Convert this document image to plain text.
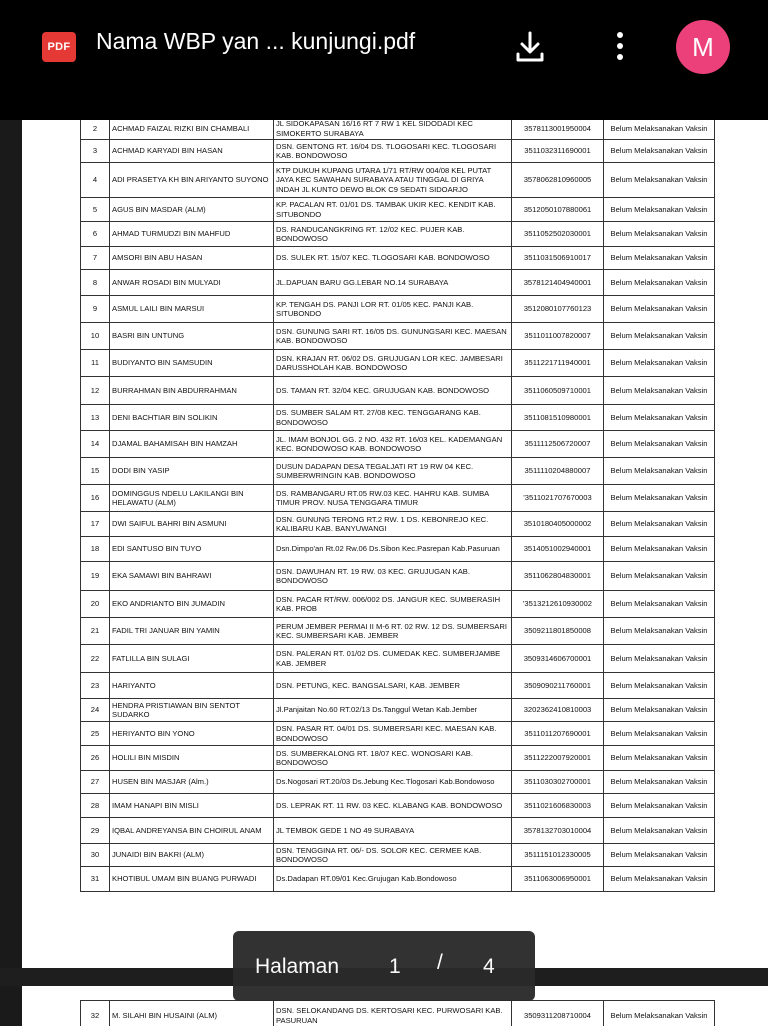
PDF Nama WBP yan ... kunjungi.pdf	M
2	ACHMAD FAIZAL RIZKI BIN CHAMBALI	JL SIDOKAPASAN 16/16 RT 7 RW 1 KEL SIDODADI KEC SIMOKERTO SURABAYA	3578113001950004	Belum Melaksanakan Vaksin
3	ACHMAD KARYADI BIN HASAN	DSN. GENTONG RT. 16/04 DS. TLOGOSARI KEC. TLOGOSARI KAB. BONDOWOSO	3511032311690001	Belum Melaksanakan Vaksin
4	ADI PRASETYA KH BIN ARIYANTO SUYONO	KTP DUKUH KUPANG UTARA 1/71 RT/RW 004/08 KEL PUTAT JAYA KEC SAWAHAN SURABAYA ATAU TINGGAL DI GRIYA INDAH JL KUNTO DEWO BLOK C9 SEDATI SIDOARJO	3578062810960005	Belum Melaksanakan Vaksin
5	AGUS BIN MASDAR (ALM)	KP. PACALAN RT. 01/01 DS. TAMBAK UKIR KEC. KENDIT KAB. SITUBONDO	3512050107880061	Belum Melaksanakan Vaksin
6	AHMAD TURMUDZI BIN MAHFUD	DS. RANDUCANGKRING RT. 12/02 KEC. PUJER KAB. BONDOWOSO	3511052502030001	Belum Melaksanakan Vaksin
7	AMSORI BIN ABU HASAN	DS. SULEK RT. 15/07 KEC. TLOGOSARI KAB. BONDOWOSO	3511031506910017	Belum Melaksanakan Vaksin
8	ANWAR ROSADI BIN MULYADI	JL.DAPUAN BARU GG.LEBAR NO.14 SURABAYA	3578121404940001	Belum Melaksanakan Vaksin
9	ASMUL LAILI BIN MARSUI	KP. TENGAH DS. PANJI LOR RT. 01/05 KEC. PANJI KAB. SITUBONDO	3512080107760123	Belum Melaksanakan Vaksin
10	BASRI BIN UNTUNG	DSN. GUNUNG SARI RT. 16/05 DS. GUNUNGSARI KEC. MAESAN KAB. BONDOWOSO	3511011007820007	Belum Melaksanakan Vaksin
11	BUDIYANTO BIN SAMSUDIN	DSN. KRAJAN RT. 06/02 DS. GRUJUGAN LOR KEC. JAMBESARI DARUSSHOLAH KAB. BONDOWOSO	3511221711940001	Belum Melaksanakan Vaksin
12	BURRAHMAN BIN ABDURRAHMAN	DS. TAMAN RT. 32/04 KEC. GRUJUGAN KAB. BONDOWOSO	3511060509710001	Belum Melaksanakan Vaksin
13	DENI BACHTIAR BIN SOLIKIN	DS. SUMBER SALAM RT. 27/08 KEC. TENGGARANG KAB. BONDOWOSO	3511081510980001	Belum Melaksanakan Vaksin
14	DJAMAL BAHAMISAH BIN HAMZAH	JL. IMAM BONJOL GG. 2 NO. 432 RT. 16/03 KEL. KADEMANGAN KEC. BONDOWOSO KAB. BONDOWOSO	3511112506720007	Belum Melaksanakan Vaksin
15	DODI BIN YASIP	DUSUN DADAPAN DESA TEGALJATI RT 19 RW 04 KEC. SUMBERWRINGIN KAB. BONDOWOSO	3511110204880007	Belum Melaksanakan Vaksin
16	DOMINGGUS NDELU LAKILANGI BIN HELAWATU (ALM)	DS. RAMBANGARU RT.05 RW.03 KEC. HAHRU KAB. SUMBA TIMUR PROV. NUSA TENGGARA TIMUR	'3511021707670003	Belum Melaksanakan Vaksin
17	DWI SAIFUL BAHRI BIN ASMUNI	DSN. GUNUNG TERONG RT.2 RW. 1 DS. KEBONREJO KEC. KALIBARU KAB. BANYUWANGI	3510180405000002	Belum Melaksanakan Vaksin
18	EDI SANTUSO BIN TUYO	Dsn.Dimpo'an Rt.02 Rw.06 Ds.Sibon Kec.Pasrepan Kab.Pasuruan	3514051002940001	Belum Melaksanakan Vaksin
19	EKA SAMAWI BIN BAHRAWI	DSN. DAWUHAN RT. 19 RW. 03 KEC. GRUJUGAN KAB. BONDOWOSO	3511062804830001	Belum Melaksanakan Vaksin
20	EKO ANDRIANTO BIN JUMADIN	DSN. PACAR RT/RW. 006/002 DS. JANGUR KEC. SUMBERASIH KAB. PROB	'3513212610930002	Belum Melaksanakan Vaksin
21	FADIL TRI JANUAR BIN YAMIN	PERUM JEMBER PERMAI II M-6 RT. 02 RW. 12 DS. SUMBERSARI KEC. SUMBERSARI KAB. JEMBER	3509211801850008	Belum Melaksanakan Vaksin
22	FATLILLA BIN SULAGI	DSN. PALERAN RT. 01/02 DS. CUMEDAK KEC. SUMBERJAMBE KAB. JEMBER	3509314606700001	Belum Melaksanakan Vaksin
23	HARIYANTO	DSN. PETUNG, KEC. BANGSALSARI, KAB. JEMBER	3509090211760001	Belum Melaksanakan Vaksin
24	HENDRA PRISTIAWAN BIN SENTOT SUDARKO	Jl.Panjaitan No.60 RT.02/13 Ds.Tanggul Wetan Kab.Jember	3202362410810003	Belum Melaksanakan Vaksin
25	HERIYANTO BIN YONO	DSN. PASAR RT. 04/01 DS. SUMBERSARI KEC. MAESAN KAB. BONDOWOSO	3511011207690001	Belum Melaksanakan Vaksin
26	HOLILI BIN MISDIN	DS. SUMBERKALONG RT. 18/07 KEC. WONOSARI KAB. BONDOWOSO	3511222007920001	Belum Melaksanakan Vaksin
27	HUSEN BIN MASJAR (Alm.)	Ds.Nogosari RT.20/03 Ds.Jebung Kec.Tlogosari Kab.Bondowoso	3511030302700001	Belum Melaksanakan Vaksin
28	IMAM HANAPI BIN MISLI	DS. LEPRAK RT. 11 RW. 03 KEC. KLABANG KAB. BONDOWOSO	3511021606830003	Belum Melaksanakan Vaksin
29	IQBAL ANDREYANSA BIN CHOIRUL ANAM	JL TEMBOK GEDE 1 NO 49 SURABAYA	3578132703010004	Belum Melaksanakan Vaksin
30	JUNAIDI BIN BAKRI (ALM)	DSN. TENGGINA RT. 06/- DS. SOLOR KEC. CERMEE KAB. BONDOWOSO	3511151012330005	Belum Melaksanakan Vaksin
31	KHOTIBUL UMAM BIN BUANG PURWADI	Ds.Dadapan RT.09/01 Kec.Grujugan Kab.Bondowoso	3511063006950001	Belum Melaksanakan Vaksin
32	M. SILAHI BIN HUSAINI (ALM)	DSN. SELOKANDANG DS. KERTOSARI KEC. PURWOSARI KAB. PASURUAN	3509311208710004	Belum Melaksanakan Vaksin
Halaman 1 / 4
